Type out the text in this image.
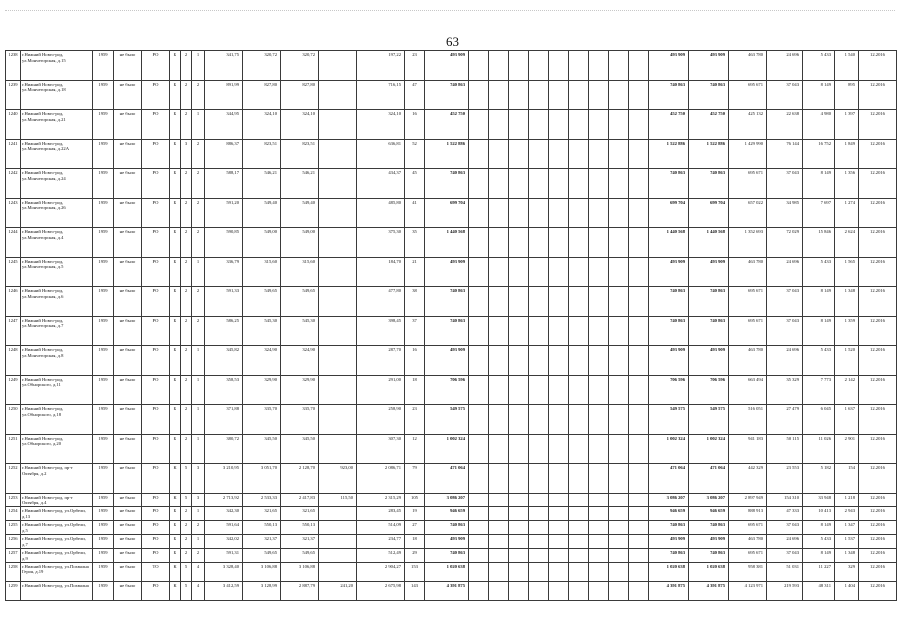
63
1238	г.Нижний Новго-род, ул.Мончегорская, д.15	1959	не было	РО	Б	2	1	341,75	320,72	320,72		197,22	23	493 909										493 909	493 909	463 780	24 696	5 433	1 540	12.2016
1239	г.Нижний Новго-род, ул.Мончегорская, д.18	1959	не было	РО	Б	2	2	891,99	827,80	827,80		716,15	47	740 863										740 863	740 863	695 671	37 043	8 149	895	12.2016
1240	г.Нижний Новго-род, ул.Мончегорская, д.21	1959	не было	РО	Б	2	1	344,95	324,10	324,10		324,10	16	452 750										452 750	452 750	425 132	22 638	4 980	1 397	12.2016
1241	г.Нижний Новго-род, ул.Мончегорская, д.22А	1959	не было	РО	Б	3	2	886,37	823,51	823,51		636,81	52	1 522 886										1 522 886	1 522 886	1 429 990	76 144	16 752	1 849	12.2016
1242	г.Нижний Новго-род, ул.Мончегорская, д.24	1959	не было	РО	Б	2	2	588,17	546,21	546,21		434,37	45	740 863										740 863	740 863	695 671	37 043	8 149	1 356	12.2016
1243	г.Нижний Новго-род, ул.Мончегорская, д.26	1959	не было	РО	Б	2	2	591,20	549,40	549,40		485,80	41	699 704										699 704	699 704	657 022	34 985	7 697	1 274	12.2016
1244	г.Нижний Новго-род, ул.Мончегорская, д.4	1959	не было	РО	Б	2	2	590,85	549,00	549,00		375,30	35	1 440 568										1 440 568	1 440 568	1 352 693	72 029	15 846	2 624	12.2016
1245	г.Нижний Новго-род, ул.Мончегорская, д.5	1959	не было	РО	Б	2	1	336,79	315,60	315,60		184,70	21	493 909										493 909	493 909	463 780	24 696	5 433	1 565	12.2016
1246	г.Нижний Новго-род, ул.Мончегорская, д.6	1959	не было	РО	Б	2	2	591,33	549,65	549,65		477,80	38	740 863										740 863	740 863	695 671	37 043	8 149	1 348	12.2016
1247	г.Нижний Новго-род, ул.Мончегорская, д.7	1959	не было	РО	Б	2	2	586,25	545,30	545,30		398,45	37	740 863										740 863	740 863	695 671	37 043	8 149	1 359	12.2016
1248	г.Нижний Новго-род, ул.Мончегорская, д.8	1959	не было	РО	Б	2	1	345,82	324,90	324,90		287,70	16	493 909										493 909	493 909	463 780	24 696	5 433	1 520	12.2016
1249	г.Нижний Новго-род, ул.Обнорского, д.11	1959	не было	РО	Б	2	1	358,53	329,90	329,90		291,00	18	706 596										706 596	706 596	663 494	35 329	7 773	2 142	12.2016
1250	г.Нижний Новго-род, ул.Обнорского, д.18	1959	не было	РО	Б	2	1	371,88	335,70	335,70		258,90	23	549 575										549 575	549 575	516 051	27 479	6 045	1 637	12.2016
1251	г.Нижний Новго-род, ул.Обнорского, д.20	1959	не было	РО	Б	2	1	380,72	345,50	345,50		307,30	12	1 002 324										1 002 324	1 002 324	941 183	50 115	11 026	2 901	12.2016
1252	г.Нижний Новго-род, пр-т Октября, д.2	1959	не было	РО	К	5	3	3 210,95	3 051,70	2 128,70	923,00	2 086,71	79	471 064										471 064	471 064	442 329	23 553	5 182	154	12.2016
1253	г.Нижний Новго-род, пр-т Октября, д.4	1959	не было	РО	К	5	3	2 713,92	2 533,33	2 417,83	115,50	2 315,29	105	3 086 207										3 086 207	3 086 207	2 897 949	154 310	33 948	1 218	12.2016
1254	г.Нижний Новго-род, ул.Орбели, д.13	1959	не было	РО	Б	2	1	342,30	321,65	321,65		283,45	19	946 659										946 659	946 659	888 913	47 333	10 413	2 943	12.2016
1255	г.Нижний Новго-род, ул.Орбели, д.5	1959	не было	РО	Б	2	2	591,64	550,13	550,13		514,09	27	740 863										740 863	740 863	695 671	37 043	8 149	1 347	12.2016
1256	г.Нижний Новго-род, ул.Орбели, д.7	1959	не было	РО	Б	2	1	342,02	321,37	321,37		234,77	18	493 909										493 909	493 909	463 780	24 696	5 433	1 537	12.2016
1257	г.Нижний Новго-род, ул.Орбели, д.9	1959	не было	РО	Б	2	2	591,31	549,65	549,65		512,49	29	740 863										740 863	740 863	695 671	37 043	8 149	1 348	12.2016
1258	г.Нижний Новго-род, ул.Похвална Героя, д.19	1959	не было	ТО	К	5	4	3 328,40	3 106,88	3 106,88		2 904,27	153	1 020 638										1 020 638	1 020 638	958 381	51 031	11 227	329	12.2016
1259	г.Нижний Новго-род, ул.Похвална	1959	не было	РО	К	5	4	3 412,59	3 128,99	2 887,79	241,20	2 675,98	143	4 391 875										4 391 875	4 391 875	4 123 971	219 593	48 311	1 404	12.2016
